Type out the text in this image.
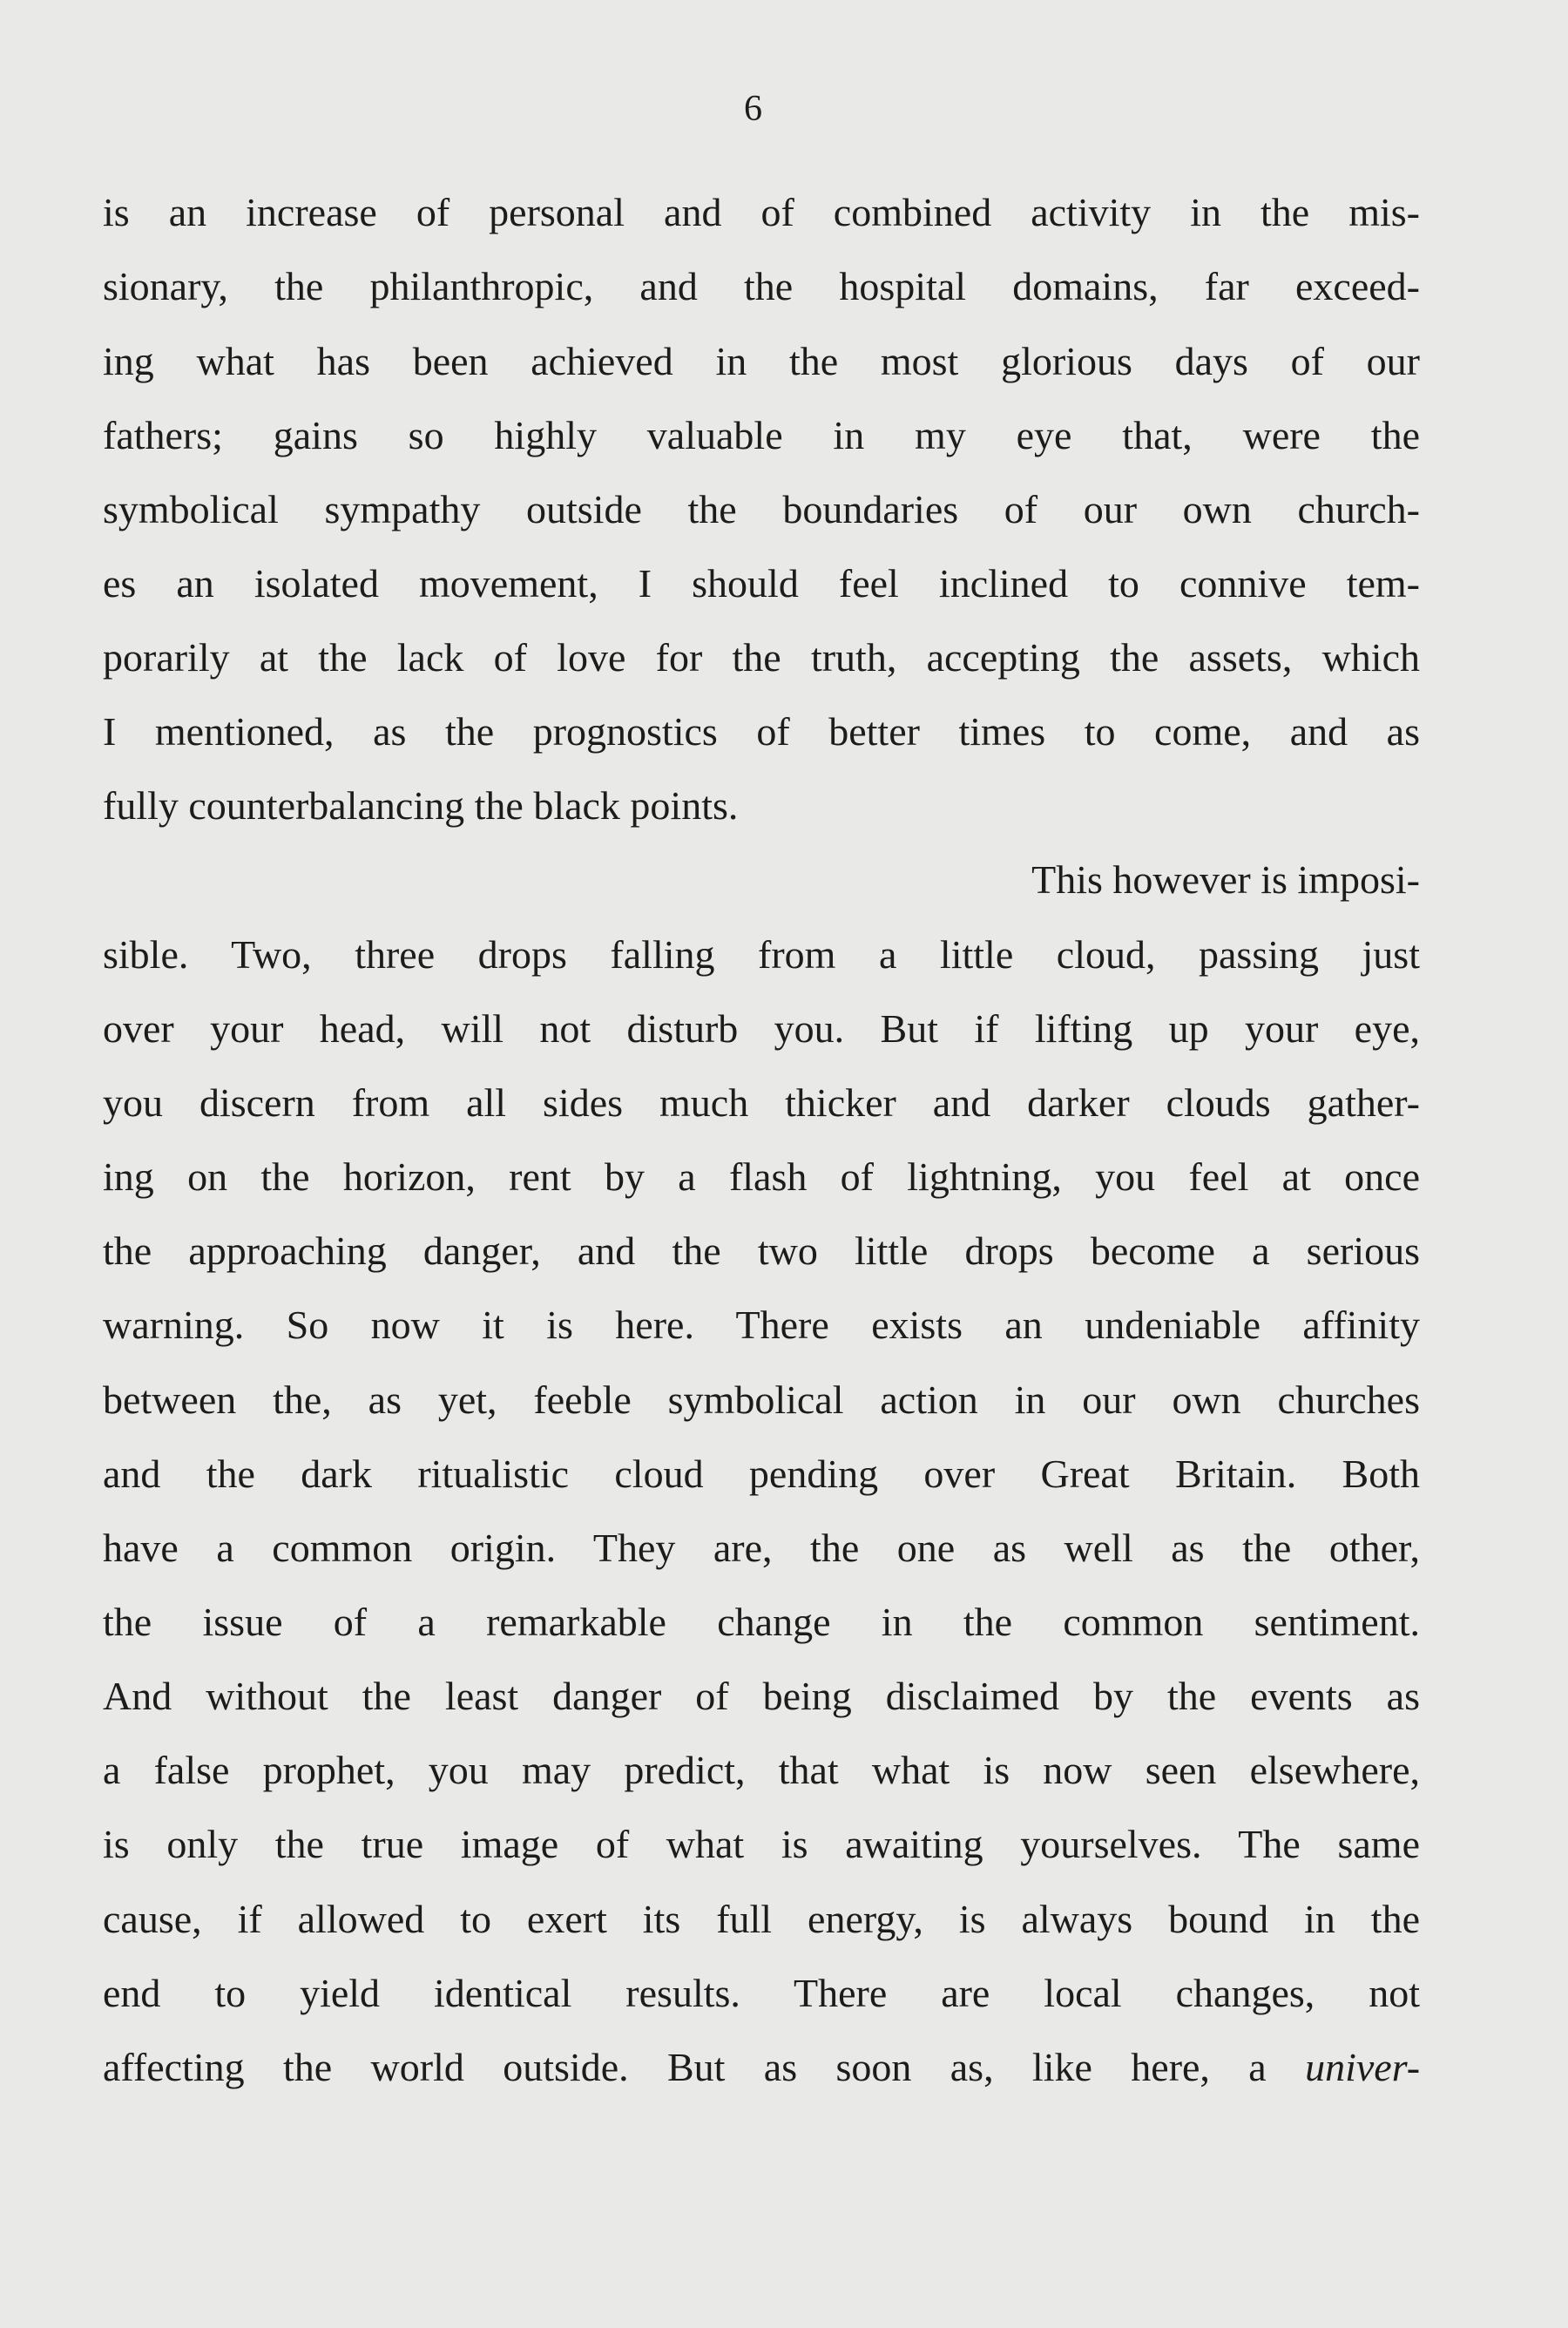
6
is an increase of personal and of combined activity in the mis-
sionary, the philanthropic, and the hospital domains, far exceed-
ing what has been achieved in the most glorious days of our
fathers; gains so highly valuable in my eye that, were the
symbolical sympathy outside the boundaries of our own church-
es an isolated movement, I should feel inclined to connive tem-
porarily at the lack of love for the truth, accepting the assets, which
I mentioned, as the prognostics of better times to come, and as
fully counterbalancing the black points.
This however is imposi-
sible. Two, three drops falling from a little cloud, passing just
over your head, will not disturb you. But if lifting up your eye,
you discern from all sides much thicker and darker clouds gather-
ing on the horizon, rent by a flash of lightning, you feel at once
the approaching danger, and the two little drops become a serious
warning. So now it is here. There exists an undeniable affinity
between the, as yet, feeble symbolical action in our own churches
and the dark ritualistic cloud pending over Great Britain. Both
have a common origin. They are, the one as well as the other,
the issue of a remarkable change in the common sentiment.
And without the least danger of being disclaimed by the events as
a false prophet, you may predict, that what is now seen elsewhere,
is only the true image of what is awaiting yourselves. The same
cause, if allowed to exert its full energy, is always bound in the
end to yield identical results. There are local changes, not
affecting the world outside. But as soon as, like here, a univer-
